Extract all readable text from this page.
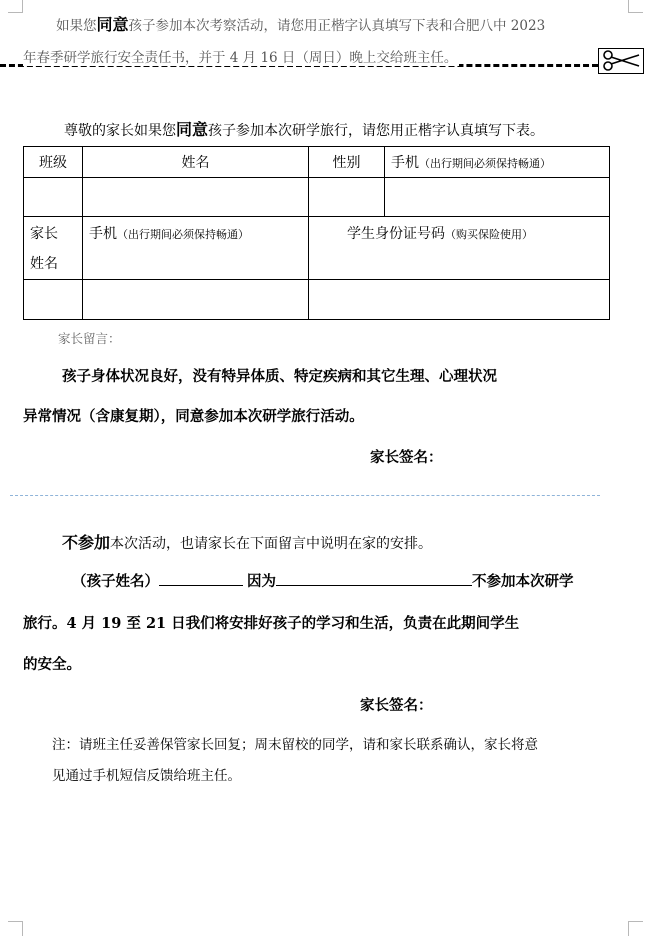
如果您同意孩子参加本次考察活动，请您用正楷字认真填写下表和合肥八中 2023
年春季研学旅行安全责任书，并于 4 月 16 日（周日）晚上交给班主任。
尊敬的家长如果您同意孩子参加本次研学旅行，请您用正楷字认真填写下表。
班级	姓名	性别	手机（出行期间必须保持畅通）

家长
姓名	手机（出行期间必须保持畅通）	学生身份证号码（购买保险使用）	

家长留言：
孩子身体状况良好，没有特异体质、特定疾病和其它生理、心理状况
异常情况（含康复期），同意参加本次研学旅行活动。
家长签名：
不参加本次活动，也请家长在下面留言中说明在家的安排。
（孩子姓名）	因为	不参加本次研学
旅行。4 月 19 至 21 日我们将安排好孩子的学习和生活，负责在此期间学生
的安全。
家长签名：
注：请班主任妥善保管家长回复；周末留校的同学，请和家长联系确认，家长将意
见通过手机短信反馈给班主任。
